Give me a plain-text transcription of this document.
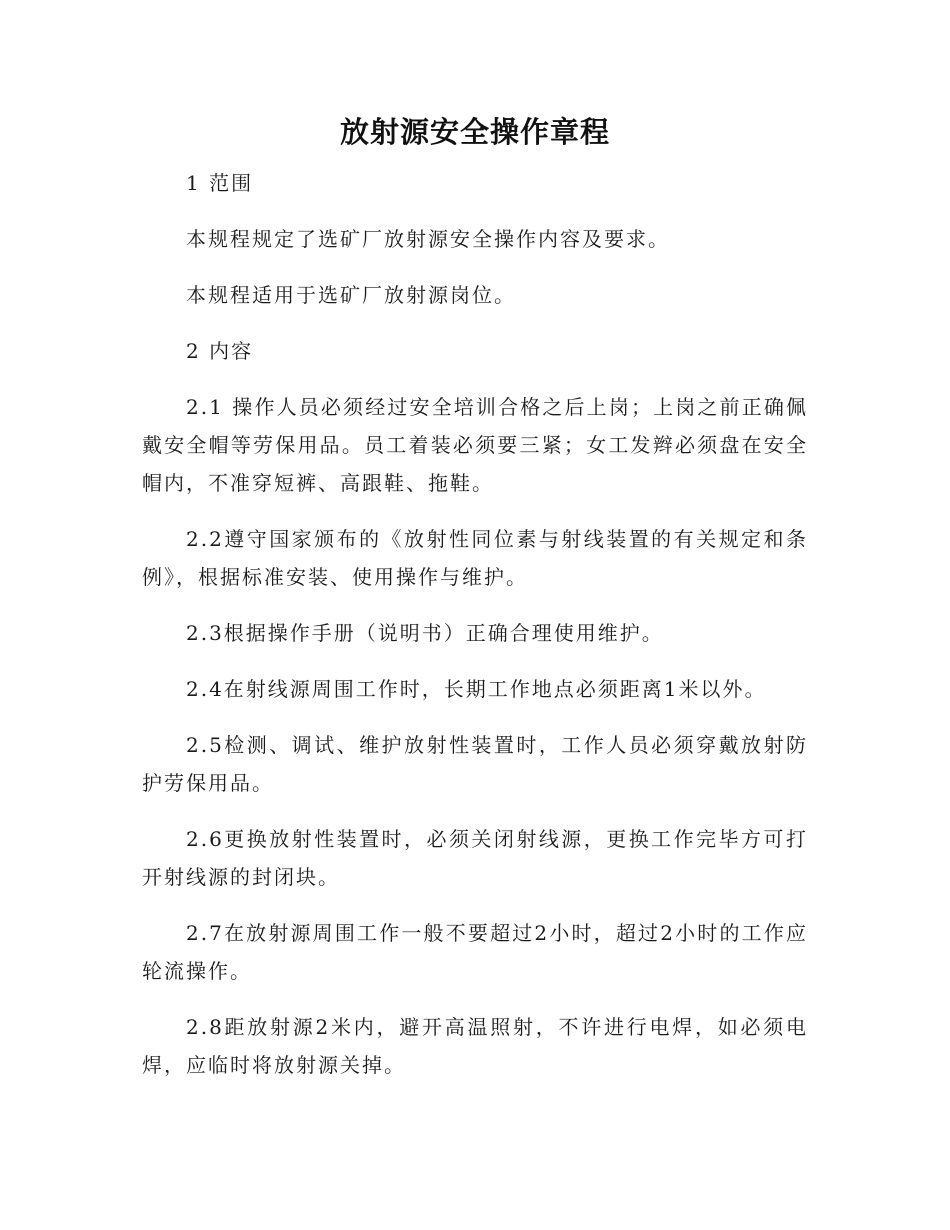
放射源安全操作章程

1 范围

本规程规定了选矿厂放射源安全操作内容及要求。

本规程适用于选矿厂放射源岗位。

2 内容

2.1 操作人员必须经过安全培训合格之后上岗；上岗之前正确佩戴安全帽等劳保用品。员工着装必须要三紧；女工发辫必须盘在安全帽内，不准穿短裤、高跟鞋、拖鞋。

2.2遵守国家颁布的《放射性同位素与射线装置的有关规定和条例》，根据标准安装、使用操作与维护。

2.3根据操作手册（说明书）正确合理使用维护。

2.4在射线源周围工作时，长期工作地点必须距离1米以外。

2.5检测、调试、维护放射性装置时，工作人员必须穿戴放射防护劳保用品。

2.6更换放射性装置时，必须关闭射线源，更换工作完毕方可打开射线源的封闭块。

2.7在放射源周围工作一般不要超过2小时，超过2小时的工作应轮流操作。

2.8距放射源2米内，避开高温照射，不许进行电焊，如必须电焊，应临时将放射源关掉。
